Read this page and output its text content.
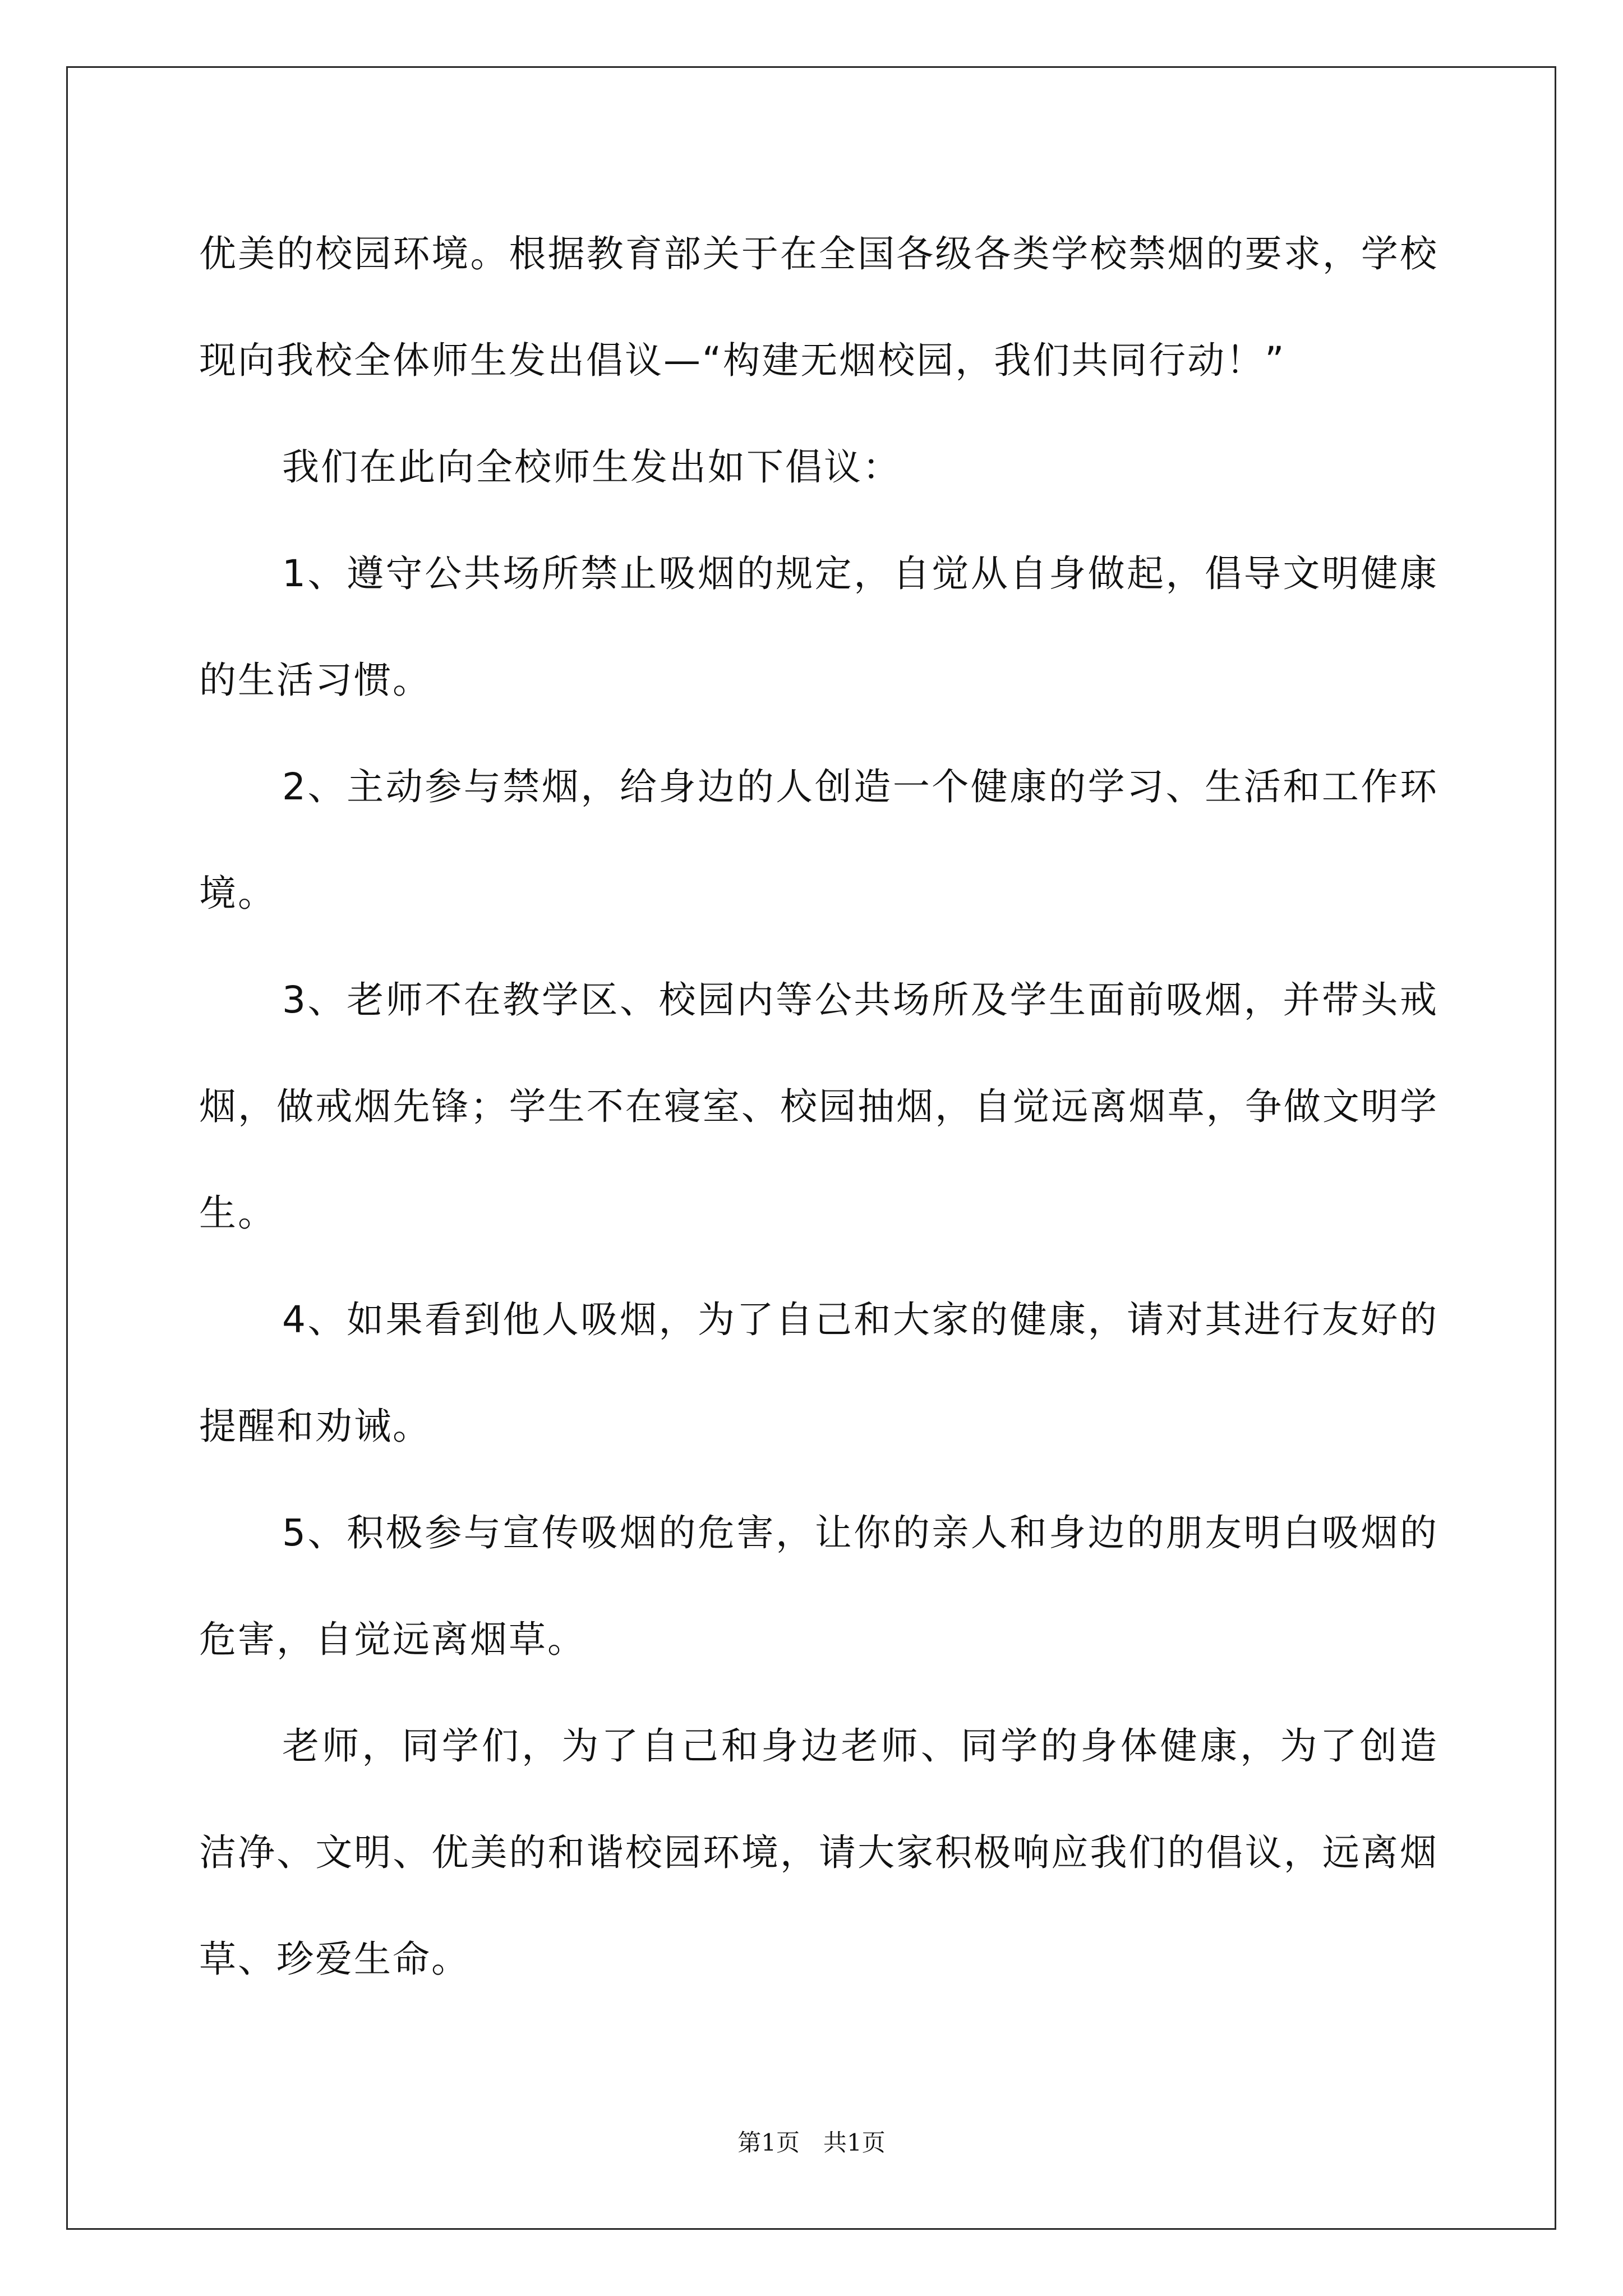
优美的校园环境。根据教育部关于在全国各级各类学校禁烟的要求，学校现向我校全体师生发出倡议—“构建无烟校园，我们共同行动！”

我们在此向全校师生发出如下倡议：

1、遵守公共场所禁止吸烟的规定，自觉从自身做起，倡导文明健康的生活习惯。

2、主动参与禁烟，给身边的人创造一个健康的学习、生活和工作环境。

3、老师不在教学区、校园内等公共场所及学生面前吸烟，并带头戒烟，做戒烟先锋；学生不在寝室、校园抽烟，自觉远离烟草，争做文明学生。

4、如果看到他人吸烟，为了自己和大家的健康，请对其进行友好的提醒和劝诫。

5、积极参与宣传吸烟的危害，让你的亲人和身边的朋友明白吸烟的危害，自觉远离烟草。

老师，同学们，为了自己和身边老师、同学的身体健康，为了创造洁净、文明、优美的和谐校园环境，请大家积极响应我们的倡议，远离烟草、珍爱生命。

第1页　共1页
